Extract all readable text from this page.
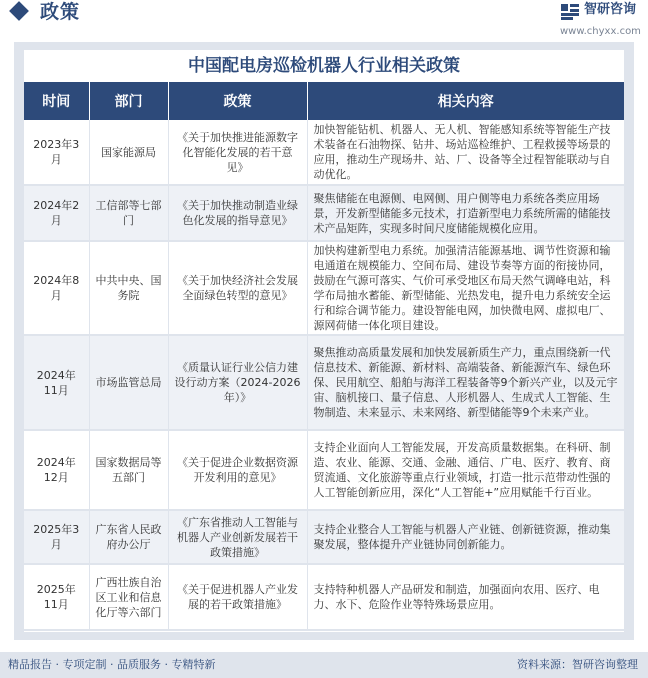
政策	智研咨询
www.chyxx.com
中国配电房巡检机器人行业相关政策
时间	部门	政策	相关内容
2023年3月	国家能源局	《关于加快推进能源数字化智能化发展的若干意见》	加快智能钻机、机器人、无人机、智能感知系统等智能生产技术装备在石油物探、钻井、场站巡检维护、工程救援等场景的应用，推动生产现场井、站、厂、设备等全过程智能联动与自动优化。
2024年2月	工信部等七部门	《关于加快推动制造业绿色化发展的指导意见》	聚焦储能在电源侧、电网侧、用户侧等电力系统各类应用场景，开发新型储能多元技术，打造新型电力系统所需的储能技术产品矩阵，实现多时间尺度储能规模化应用。
2024年8月	中共中央、国务院	《关于加快经济社会发展全面绿色转型的意见》	加快构建新型电力系统。加强清洁能源基地、调节性资源和输电通道在规模能力、空间布局、建设节奏等方面的衔接协同，鼓励在气源可落实、气价可承受地区布局天然气调峰电站，科学布局抽水蓄能、新型储能、光热发电，提升电力系统安全运行和综合调节能力。建设智能电网，加快微电网、虚拟电厂、源网荷储一体化项目建设。
2024年11月	市场监管总局	《质量认证行业公信力建设行动方案（2024-2026年）》	聚焦推动高质量发展和加快发展新质生产力，重点围绕新一代信息技术、新能源、新材料、高端装备、新能源汽车、绿色环保、民用航空、船舶与海洋工程装备等9个新兴产业，以及元宇宙、脑机接口、量子信息、人形机器人、生成式人工智能、生物制造、未来显示、未来网络、新型储能等9个未来产业。
2024年12月	国家数据局等五部门	《关于促进企业数据资源开发利用的意见》	支持企业面向人工智能发展，开发高质量数据集。在科研、制造、农业、能源、交通、金融、通信、广电、医疗、教育、商贸流通、文化旅游等重点行业领域，打造一批示范带动性强的人工智能创新应用，深化“人工智能+”应用赋能千行百业。
2025年3月	广东省人民政府办公厅	《广东省推动人工智能与机器人产业创新发展若干政策措施》	支持企业整合人工智能与机器人产业链、创新链资源，推动集聚发展，整体提升产业链协同创新能力。
2025年11月	广西壮族自治区工业和信息化厅等六部门	《关于促进机器人产业发展的若干政策措施》	支持特种机器人产品研发和制造，加强面向农用、医疗、电力、水下、危险作业等特殊场景应用。
精品报告 · 专项定制 · 品质服务 · 专精特新	资料来源：智研咨询整理
